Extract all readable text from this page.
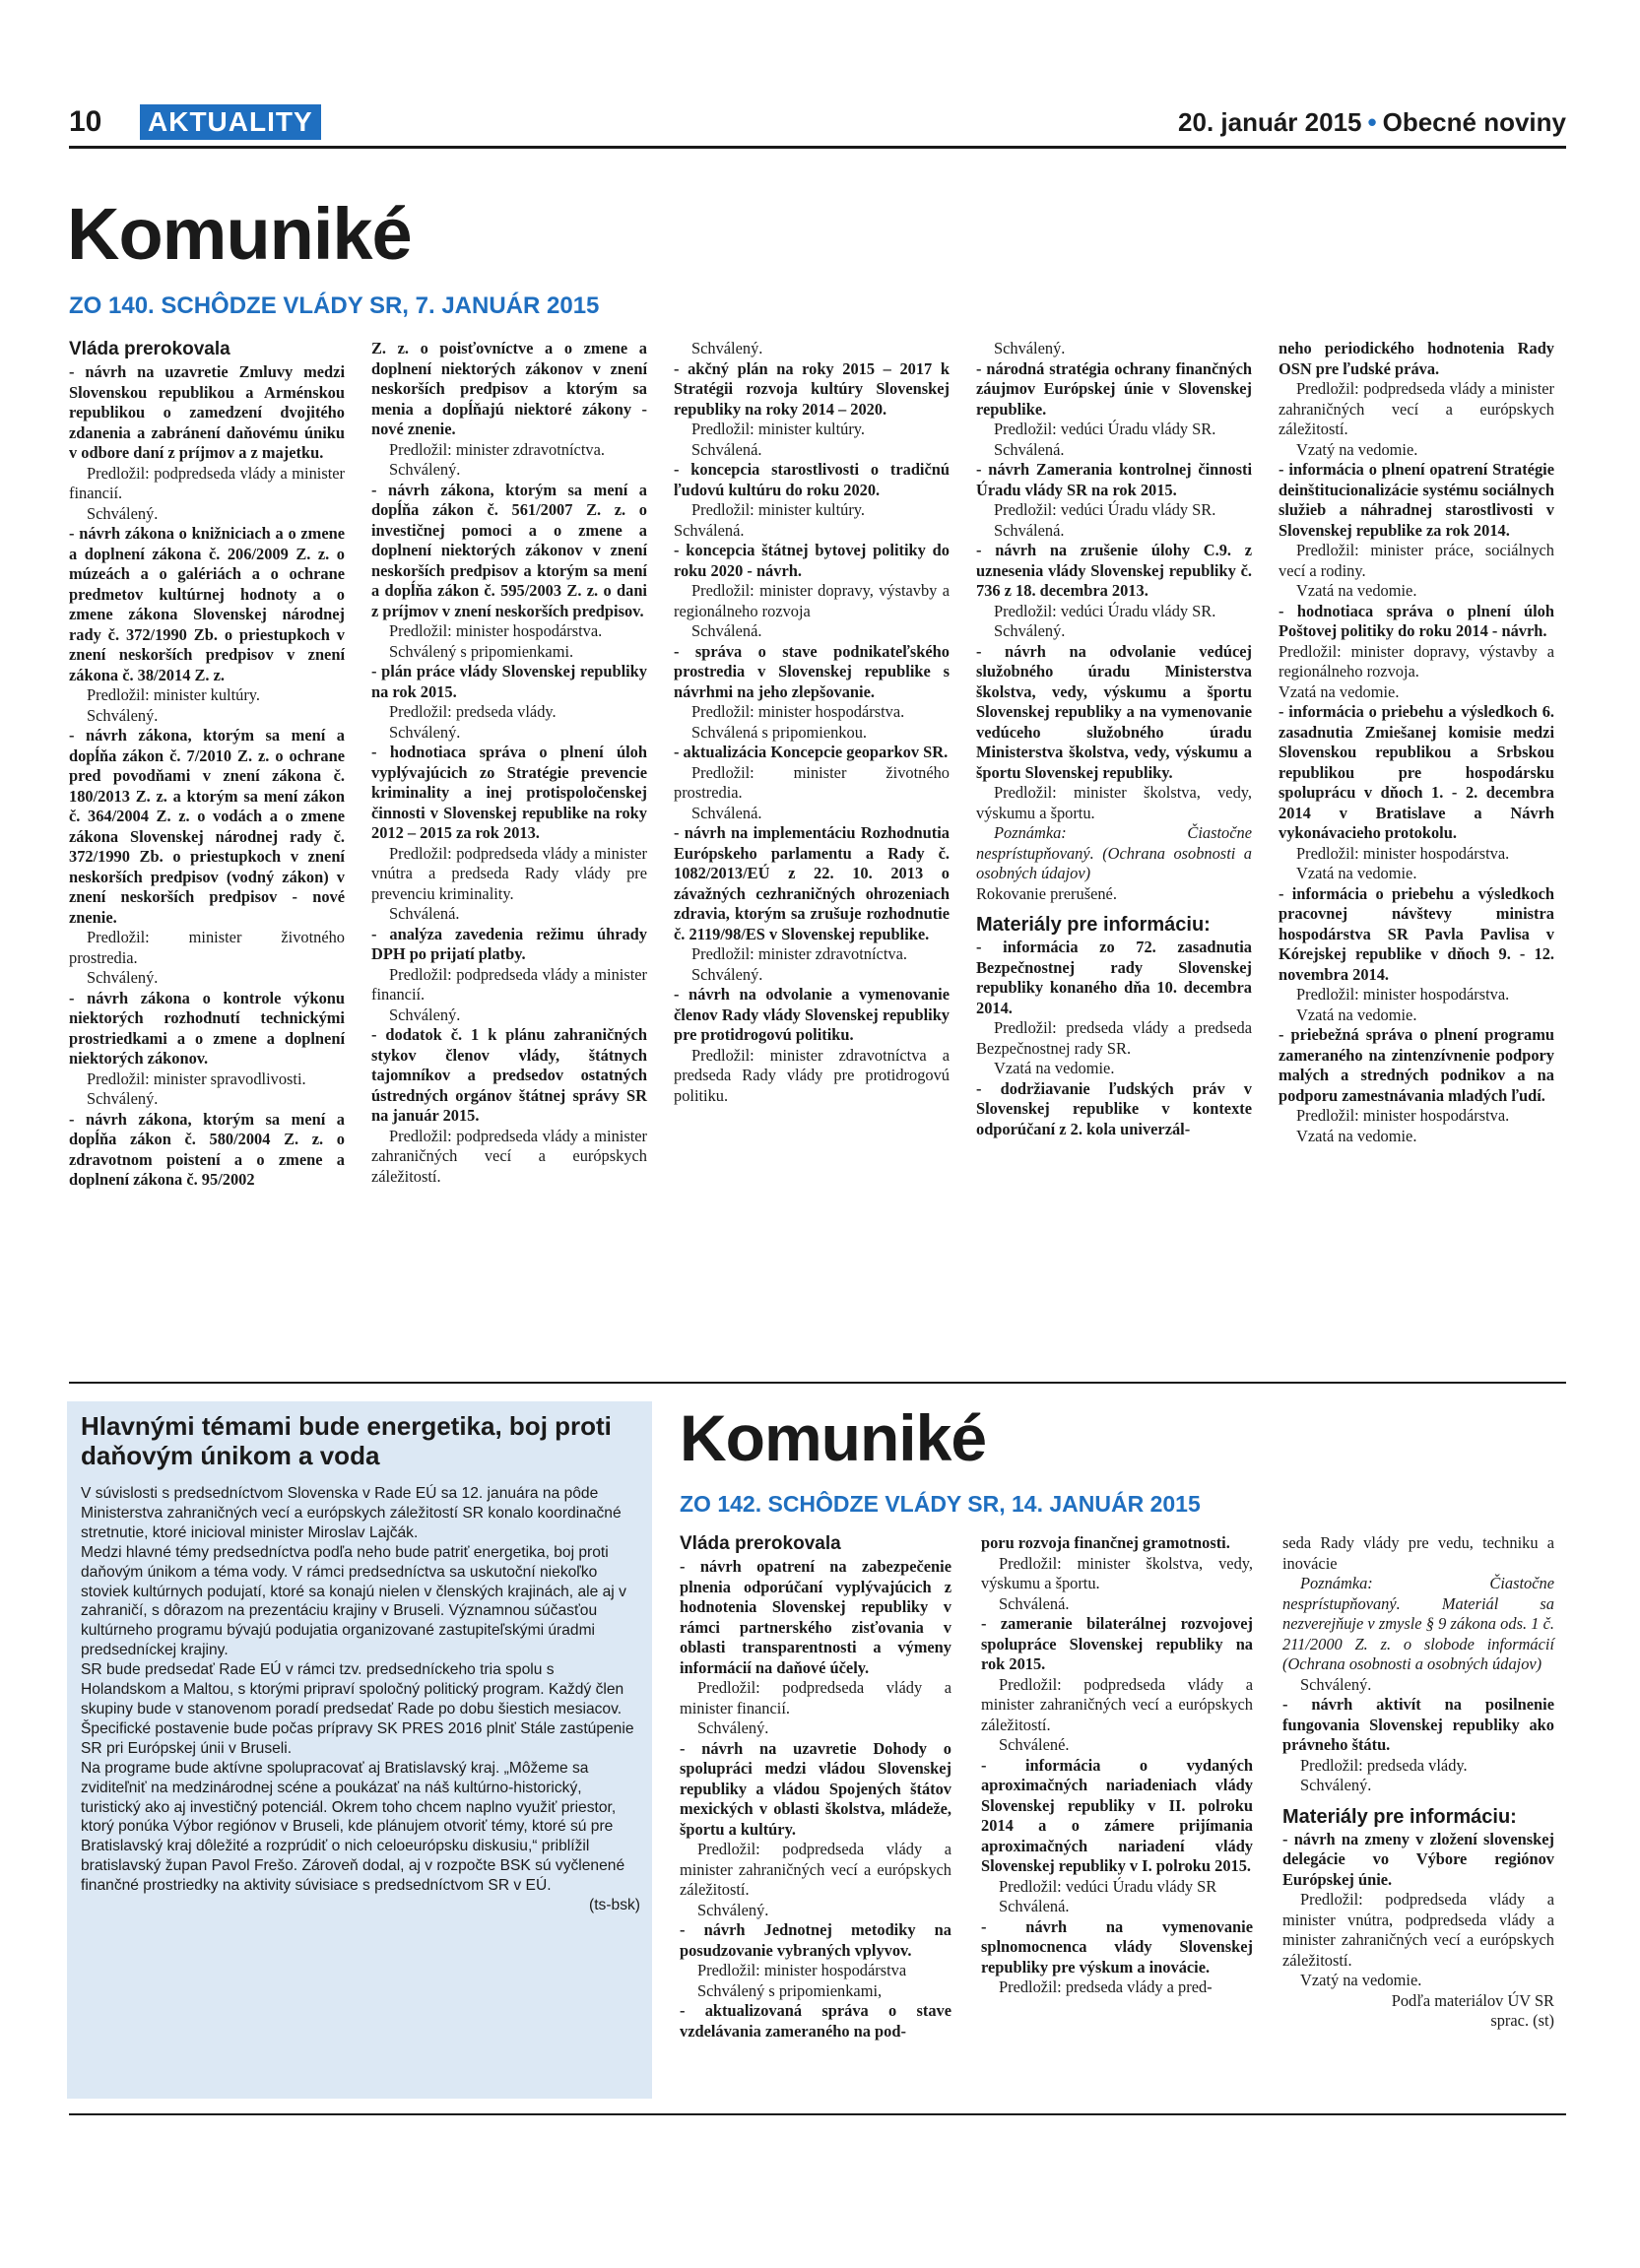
10 AKTUALITY	20. január 2015 • Obecné noviny
Komuniké
ZO 140. SCHÔDZE VLÁDY SR, 7. JANUÁR 2015

Vláda prerokovala

- návrh na uzavretie Zmluvy medzi Slovenskou republikou a Arménskou republikou o zamedzení dvojitého zdanenia a zabránení daňovému úniku v odbore daní z príjmov a z majetku.

Predložil: podpredseda vlády a minister financií.

Schválený.

- návrh zákona o knižniciach a o zmene a doplnení zákona č. 206/2009 Z. z. o múzeách a o galériách a o ochrane predmetov kultúrnej hodnoty a o zmene zákona Slovenskej národnej rady č. 372/1990 Zb. o priestupkoch v znení neskorších predpisov v znení zákona č. 38/2014 Z. z.

Predložil: minister kultúry.

Schválený.

- návrh zákona, ktorým sa mení a dopĺňa zákon č. 7/2010 Z. z. o ochrane pred povodňami v znení zákona č. 180/2013 Z. z. a ktorým sa mení zákon č. 364/2004 Z. z. o vodách a o zmene zákona Slovenskej národnej rady č. 372/1990 Zb. o priestupkoch v znení neskorších predpisov (vodný zákon) v znení neskorších predpisov - nové znenie.

Predložil: minister životného prostredia.

Schválený.

- návrh zákona o kontrole výkonu niektorých rozhodnutí technickými prostriedkami a o zmene a doplnení niektorých zákonov.

Predložil: minister spravodlivosti.

Schválený.

- návrh zákona, ktorým sa mení a dopĺňa zákon č. 580/2004 Z. z. o zdravotnom poistení a o zmene a doplnení zákona č. 95/2002

Z. z. o poisťovníctve a o zmene a doplnení niektorých zákonov v znení neskorších predpisov a ktorým sa menia a dopĺňajú niektoré zákony - nové znenie.

Predložil: minister zdravotníctva.

Schválený.

- návrh zákona, ktorým sa mení a dopĺňa zákon č. 561/2007 Z. z. o investičnej pomoci a o zmene a doplnení niektorých zákonov v znení neskorších predpisov a ktorým sa mení a dopĺňa zákon č. 595/2003 Z. z. o dani z príjmov v znení neskorších predpisov.

Predložil: minister hospodárstva.

Schválený s pripomienkami.

- plán práce vlády Slovenskej republiky na rok 2015.

Predložil: predseda vlády.

Schválený.

- hodnotiaca správa o plnení úloh vyplývajúcich zo Stratégie prevencie kriminality a inej protispoločenskej činnosti v Slovenskej republike na roky 2012 – 2015 za rok 2013.

Predložil: podpredseda vlády a minister vnútra a predseda Rady vlády pre prevenciu kriminality.

Schválená.

- analýza zavedenia režimu úhrady DPH po prijatí platby.

Predložil: podpredseda vlády a minister financií.

Schválený.

- dodatok č. 1 k plánu zahraničných stykov členov vlády, štátnych tajomníkov a predsedov ostatných ústredných orgánov štátnej správy SR na január 2015.

Predložil: podpredseda vlády a minister zahraničných vecí a európskych záležitostí.

Schválený.

- akčný plán na roky 2015 – 2017 k Stratégii rozvoja kultúry Slovenskej republiky na roky 2014 – 2020.

Predložil: minister kultúry.

Schválená.

- koncepcia starostlivosti o tradičnú ľudovú kultúru do roku 2020.

Predložil: minister kultúry.

Schválená.

- koncepcia štátnej bytovej politiky do roku 2020 - návrh.

Predložil: minister dopravy, výstavby a regionálneho rozvoja

Schválená.

- správa o stave podnikateľského prostredia v Slovenskej republike s návrhmi na jeho zlepšovanie.

Predložil: minister hospodárstva.

Schválená s pripomienkou.

- aktualizácia Koncepcie geoparkov SR.

Predložil: minister životného prostredia.

Schválená.

- návrh na implementáciu Rozhodnutia Európskeho parlamentu a Rady č. 1082/2013/EÚ z 22. 10. 2013 o závažných cezhraničných ohrozeniach zdravia, ktorým sa zrušuje rozhodnutie č. 2119/98/ES v Slovenskej republike.

Predložil: minister zdravotníctva.

Schválený.

- návrh na odvolanie a vymenovanie členov Rady vlády Slovenskej republiky pre protidrogovú politiku.

Predložil: minister zdravotníctva a predseda Rady vlády pre protidrogovú politiku.

Schválený.

- národná stratégia ochrany finančných záujmov Európskej únie v Slovenskej republike.

Predložil: vedúci Úradu vlády SR.

Schválená.

- návrh Zamerania kontrolnej činnosti Úradu vlády SR na rok 2015.

Predložil: vedúci Úradu vlády SR.

Schválená.

- návrh na zrušenie úlohy C.9. z uznesenia vlády Slovenskej republiky č. 736 z 18. decembra 2013.

Predložil: vedúci Úradu vlády SR.

Schválený.

- návrh na odvolanie vedúcej služobného úradu Ministerstva školstva, vedy, výskumu a športu Slovenskej republiky a na vymenovanie vedúceho služobného úradu Ministerstva školstva, vedy, výskumu a športu Slovenskej republiky.

Predložil: minister školstva, vedy, výskumu a športu.

Poznámka: Čiastočne nesprístupňovaný. (Ochrana osobnosti a osobných údajov)

Rokovanie prerušené.

Materiály pre informáciu:

- informácia zo 72. zasadnutia Bezpečnostnej rady Slovenskej republiky konaného dňa 10. decembra 2014.

Predložil: predseda vlády a predseda Bezpečnostnej rady SR.

Vzatá na vedomie.

- dodržiavanie ľudských práv v Slovenskej republike v kontexte odporúčaní z 2. kola univerzál-

neho periodického hodnotenia Rady OSN pre ľudské práva.

Predložil: podpredseda vlády a minister zahraničných vecí a európskych záležitostí.

Vzatý na vedomie.

- informácia o plnení opatrení Stratégie deinštitucionalizácie systému sociálnych služieb a náhradnej starostlivosti v Slovenskej republike za rok 2014.

Predložil: minister práce, sociálnych vecí a rodiny.

Vzatá na vedomie.

- hodnotiaca správa o plnení úloh Poštovej politiky do roku 2014 - návrh.

Predložil: minister dopravy, výstavby a regionálneho rozvoja.

Vzatá na vedomie.

- informácia o priebehu a výsledkoch 6. zasadnutia Zmiešanej komisie medzi Slovenskou republikou a Srbskou republikou pre hospodársku spoluprácu v dňoch 1. - 2. decembra 2014 v Bratislave a Návrh vykonávacieho protokolu.

Predložil: minister hospodárstva.

Vzatá na vedomie.

- informácia o priebehu a výsledkoch pracovnej návštevy ministra hospodárstva SR Pavla Pavlisa v Kórejskej republike v dňoch 9. - 12. novembra 2014.

Predložil: minister hospodárstva.

Vzatá na vedomie.

- priebežná správa o plnení programu zameraného na zintenzívnenie podpory malých a stredných podnikov a na podporu zamestnávania mladých ľudí.

Predložil: minister hospodárstva.

Vzatá na vedomie.

Hlavnými témami bude energetika, boj proti daňovým únikom a voda

V súvislosti s predsedníctvom Slovenska v Rade EÚ sa 12. januára na pôde Ministerstva zahraničných vecí a európskych záležitostí SR konalo koordinačné stretnutie, ktoré inicioval minister Miroslav Lajčák.

Medzi hlavné témy predsedníctva podľa neho bude patriť energetika, boj proti daňovým únikom a téma vody. V rámci predsedníctva sa uskutoční niekoľko stoviek kultúrnych podujatí, ktoré sa konajú nielen v členských krajinách, ale aj v zahraničí, s dôrazom na prezentáciu krajiny v Bruseli. Významnou súčasťou kultúrneho programu bývajú podujatia organizované zastupiteľskými úradmi predsedníckej krajiny.

SR bude predsedať Rade EÚ v rámci tzv. predsedníckeho tria spolu s Holandskom a Maltou, s ktorými pripraví spoločný politický program. Každý člen skupiny bude v stanovenom poradí predsedať Rade po dobu šiestich mesiacov. Špecifické postavenie bude počas prípravy SK PRES 2016 plniť Stále zastúpenie SR pri Európskej únii v Bruseli.

Na programe bude aktívne spolupracovať aj Bratislavský kraj. „Môžeme sa zviditeľniť na medzinárodnej scéne a poukázať na náš kultúrno-historický, turistický ako aj investičný potenciál. Okrem toho chcem naplno využiť priestor, ktorý ponúka Výbor regiónov v Bruseli, kde plánujem otvoriť témy, ktoré sú pre Bratislavský kraj dôležité a rozprúdiť o nich celoeurópsku diskusiu,“ priblížil bratislavský župan Pavol Frešo. Zároveň dodal, aj v rozpočte BSK sú vyčlenené finančné prostriedky na aktivity súvisiace s predsedníctvom SR v EÚ.

(ts-bsk)

Komuniké
ZO 142. SCHÔDZE VLÁDY SR, 14. JANUÁR 2015

Vláda prerokovala

- návrh opatrení na zabezpečenie plnenia odporúčaní vyplývajúcich z hodnotenia Slovenskej republiky v rámci partnerského zisťovania v oblasti transparentnosti a výmeny informácií na daňové účely.

Predložil: podpredseda vlády a minister financií.

Schválený.

- návrh na uzavretie Dohody o spolupráci medzi vládou Slovenskej republiky a vládou Spojených štátov mexických v oblasti školstva, mládeže, športu a kultúry.

Predložil: podpredseda vlády a minister zahraničných vecí a európskych záležitostí.

Schválený.

- návrh Jednotnej metodiky na posudzovanie vybraných vplyvov.

Predložil: minister hospodárstva

Schválený s pripomienkami,

- aktualizovaná správa o stave vzdelávania zameraného na pod-

poru rozvoja finančnej gramotnosti.

Predložil: minister školstva, vedy, výskumu a športu.

Schválená.

- zameranie bilaterálnej rozvojovej spolupráce Slovenskej republiky na rok 2015.

Predložil: podpredseda vlády a minister zahraničných vecí a európskych záležitostí.

Schválené.

- informácia o vydaných aproximačných nariadeniach vlády Slovenskej republiky v II. polroku 2014 a o zámere prijímania aproximačných nariadení vlády Slovenskej republiky v I. polroku 2015.

Predložil: vedúci Úradu vlády SR

Schválená.

- návrh na vymenovanie splnomocnenca vlády Slovenskej republiky pre výskum a inovácie.

Predložil: predseda vlády a pred-

seda Rady vlády pre vedu, techniku a inovácie

Poznámka: Čiastočne nesprístupňovaný. Materiál sa nezverejňuje v zmysle § 9 zákona ods. 1 č. 211/2000 Z. z. o slobode informácií (Ochrana osobnosti a osobných údajov)

Schválený.

- návrh aktivít na posilnenie fungovania Slovenskej republiky ako právneho štátu.

Predložil: predseda vlády.

Schválený.

Materiály pre informáciu:

- návrh na zmeny v zložení slovenskej delegácie vo Výbore regiónov Európskej únie.

Predložil: podpredseda vlády a minister vnútra, podpredseda vlády a minister zahraničných vecí a európskych záležitostí.

Vzatý na vedomie.

Podľa materiálov ÚV SR

sprac. (st)
